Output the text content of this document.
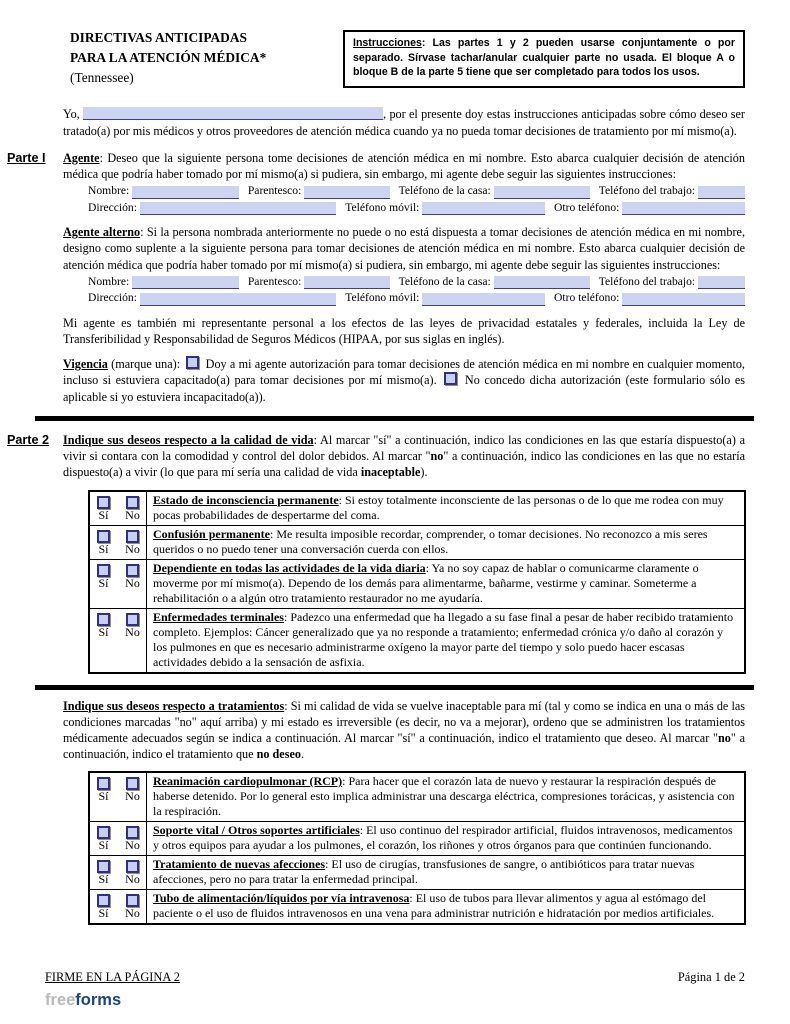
DIRECTIVAS ANTICIPADAS
PARA LA ATENCIÓN MÉDICA*
(Tennessee)
Instrucciones: Las partes 1 y 2 pueden usarse conjuntamente o por separado. Sírvase tachar/anular cualquier parte no usada. El bloque A o bloque B de la parte 5 tiene que ser completado para todos los usos.

Yo,	, por el presente doy estas instrucciones anticipadas sobre cómo deseo ser tratado(a) por mis médicos y otros proveedores de atención médica cuando ya no pueda tomar decisiones de tratamiento por mí mismo(a).

Parte I Agente: Deseo que la siguiente persona tome decisiones de atención médica en mi nombre. Esto abarca cualquier decisión de atención médica que podría haber tomado por mí mismo(a) si pudiera, sin embargo, mi agente debe seguir las siguientes instrucciones:

Nombre:	Parentesco:	Teléfono de la casa:	Teléfono del trabajo:
Dirección:	Teléfono móvil:	Otro teléfono:

Agente alterno: Si la persona nombrada anteriormente no puede o no está dispuesta a tomar decisiones de atención médica en mi nombre, designo como suplente a la siguiente persona para tomar decisiones de atención médica en mi nombre. Esto abarca cualquier decisión de atención médica que podría haber tomado por mí mismo(a) si pudiera, sin embargo, mi agente debe seguir las siguientes instrucciones:

Nombre:	Parentesco:	Teléfono de la casa:	Teléfono del trabajo:
Dirección:	Teléfono móvil:	Otro teléfono:

Mi agente es también mi representante personal a los efectos de las leyes de privacidad estatales y federales, incluida la Ley de Transferibilidad y Responsabilidad de Seguros Médicos (HIPAA, por sus siglas en inglés).

Vigencia (marque una):  Doy a mi agente autorización para tomar decisiones de atención médica en mi nombre en cualquier momento, incluso si estuviera capacitado(a) para tomar decisiones por mí mismo(a).  No concedo dicha autorización (este formulario sólo es aplicable si yo estuviera incapacitado(a)).

Parte 2 Indique sus deseos respecto a la calidad de vida: Al marcar "sí" a continuación, indico las condiciones en las que estaría dispuesto(a) a vivir si contara con la comodidad y control del dolor debidos. Al marcar "no" a continuación, indico las condiciones en las que no estaría dispuesto(a) a vivir (lo que para mí sería una calidad de vida inaceptable).

Sí No	Estado de inconsciencia permanente: Si estoy totalmente inconsciente de las personas o de lo que me rodea con muy pocas probabilidades de despertarme del coma.

Sí No	Confusión permanente: Me resulta imposible recordar, comprender, o tomar decisiones. No reconozco a mis seres queridos o no puedo tener una conversación cuerda con ellos.

Sí No	Dependiente en todas las actividades de la vida diaria: Ya no soy capaz de hablar o comunicarme claramente o moverme por mí mismo(a). Dependo de los demás para alimentarme, bañarme, vestirme y caminar. Someterme a rehabilitación o a algún otro tratamiento restaurador no me ayudaría.

Sí No	Enfermedades terminales: Padezco una enfermedad que ha llegado a su fase final a pesar de haber recibido tratamiento completo. Ejemplos: Cáncer generalizado que ya no responde a tratamiento; enfermedad crónica y/o daño al corazón y los pulmones en que es necesario administrarme oxígeno la mayor parte del tiempo y solo puedo hacer escasas actividades debido a la sensación de asfixia.

Indique sus deseos respecto a tratamientos: Si mi calidad de vida se vuelve inaceptable para mí (tal y como se indica en una o más de las condiciones marcadas "no" aquí arriba) y mi estado es irreversible (es decir, no va a mejorar), ordeno que se administren los tratamientos médicamente adecuados según se indica a continuación. Al marcar "sí" a continuación, indico el tratamiento que deseo. Al marcar "no" a continuación, indico el tratamiento que no deseo.

Sí No	Reanimación cardiopulmonar (RCP): Para hacer que el corazón lata de nuevo y restaurar la respiración después de haberse detenido. Por lo general esto implica administrar una descarga eléctrica, compresiones torácicas, y asistencia con la respiración.

Sí No	Soporte vital / Otros soportes artificiales: El uso continuo del respirador artificial, fluidos intravenosos, medicamentos y otros equipos para ayudar a los pulmones, el corazón, los riñones y otros órganos para que continúen funcionando.

Sí No	Tratamiento de nuevas afecciones: El uso de cirugías, transfusiones de sangre, o antibióticos para tratar nuevas afecciones, pero no para tratar la enfermedad principal.

Sí No	Tubo de alimentación/líquidos por vía intravenosa: El uso de tubos para llevar alimentos y agua al estómago del paciente o el uso de fluidos intravenosos en una vena para administrar nutrición e hidratación por medios artificiales.
FIRME EN LA PÁGINA 2	Página 1 de 2
freeforms
